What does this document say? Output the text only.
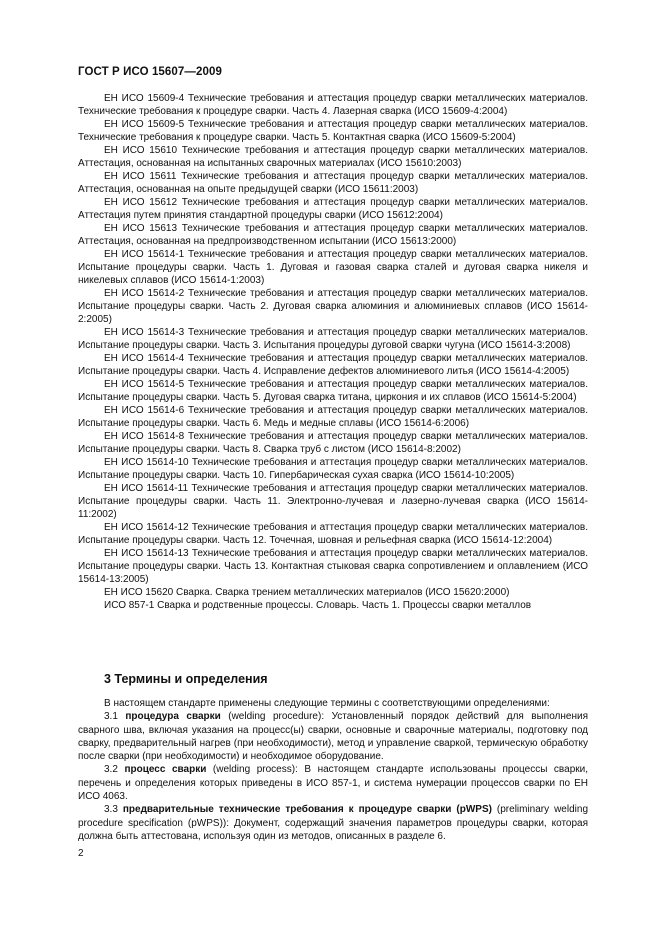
ГОСТ Р ИСО 15607—2009

ЕН ИСО 15609-4 Технические требования и аттестация процедур сварки металлических материалов. Технические требования к процедуре сварки. Часть 4. Лазерная сварка (ИСО 15609-4:2004)

ЕН ИСО 15609-5 Технические требования и аттестация процедур сварки металлических материалов. Технические требования к процедуре сварки. Часть 5. Контактная сварка (ИСО 15609-5:2004)

ЕН ИСО 15610 Технические требования и аттестация процедур сварки металлических материалов. Аттестация, основанная на испытанных сварочных материалах (ИСО 15610:2003)

ЕН ИСО 15611 Технические требования и аттестация процедур сварки металлических материалов. Аттестация, основанная на опыте предыдущей сварки (ИСО 15611:2003)

ЕН ИСО 15612 Технические требования и аттестация процедур сварки металлических материалов. Аттестация путем принятия стандартной процедуры сварки (ИСО 15612:2004)

ЕН ИСО 15613 Технические требования и аттестация процедур сварки металлических материалов. Аттестация, основанная на предпроизводственном испытании (ИСО 15613:2000)

ЕН ИСО 15614-1 Технические требования и аттестация процедур сварки металлических материалов. Испытание процедуры сварки. Часть 1. Дуговая и газовая сварка сталей и дуговая сварка никеля и никелевых сплавов (ИСО 15614-1:2003)

ЕН ИСО 15614-2 Технические требования и аттестация процедур сварки металлических материалов. Испытание процедуры сварки. Часть 2. Дуговая сварка алюминия и алюминиевых сплавов (ИСО 15614-2:2005)

ЕН ИСО 15614-3 Технические требования и аттестация процедур сварки металлических материалов. Испытание процедуры сварки. Часть 3. Испытания процедуры дуговой сварки чугуна (ИСО 15614-3:2008)

ЕН ИСО 15614-4 Технические требования и аттестация процедур сварки металлических материалов. Испытание процедуры сварки. Часть 4. Исправление дефектов алюминиевого литья (ИСО 15614-4:2005)

ЕН ИСО 15614-5 Технические требования и аттестация процедур сварки металлических материалов. Испытание процедуры сварки. Часть 5. Дуговая сварка титана, циркония и их сплавов (ИСО 15614-5:2004)

ЕН ИСО 15614-6 Технические требования и аттестация процедур сварки металлических материалов. Испытание процедуры сварки. Часть 6. Медь и медные сплавы (ИСО 15614-6:2006)

ЕН ИСО 15614-8 Технические требования и аттестация процедур сварки металлических материалов. Испытание процедуры сварки. Часть 8. Сварка труб с листом (ИСО 15614-8:2002)

ЕН ИСО 15614-10 Технические требования и аттестация процедур сварки металлических материалов. Испытание процедуры сварки. Часть 10. Гипербарическая сухая сварка (ИСО 15614-10:2005)

ЕН ИСО 15614-11 Технические требования и аттестация процедур сварки металлических материалов. Испытание процедуры сварки. Часть 11. Электронно-лучевая и лазерно-лучевая сварка (ИСО 15614-11:2002)

ЕН ИСО 15614-12 Технические требования и аттестация процедур сварки металлических материалов. Испытание процедуры сварки. Часть 12. Точечная, шовная и рельефная сварка (ИСО 15614-12:2004)

ЕН ИСО 15614-13 Технические требования и аттестация процедур сварки металлических материалов. Испытание процедуры сварки. Часть 13. Контактная стыковая сварка сопротивлением и оплавлением (ИСО 15614-13:2005)

ЕН ИСО 15620 Сварка. Сварка трением металлических материалов (ИСО 15620:2000)

ИСО 857-1 Сварка и родственные процессы. Словарь. Часть 1. Процессы сварки металлов

3 Термины и определения

В настоящем стандарте применены следующие термины с соответствующими определениями:

3.1 процедура сварки (welding procedure): Установленный порядок действий для выполнения сварного шва, включая указания на процесс(ы) сварки, основные и сварочные материалы, подготовку под сварку, предварительный нагрев (при необходимости), метод и управление сваркой, термическую обработку после сварки (при необходимости) и необходимое оборудование.

3.2 процесс сварки (welding process): В настоящем стандарте использованы процессы сварки, перечень и определения которых приведены в ИСО 857-1, и система нумерации процессов сварки по ЕН ИСО 4063.

3.3 предварительные технические требования к процедуре сварки (pWPS) (preliminary welding procedure specification (pWPS)): Документ, содержащий значения параметров процедуры сварки, которая должна быть аттестована, используя один из методов, описанных в разделе 6.

2
